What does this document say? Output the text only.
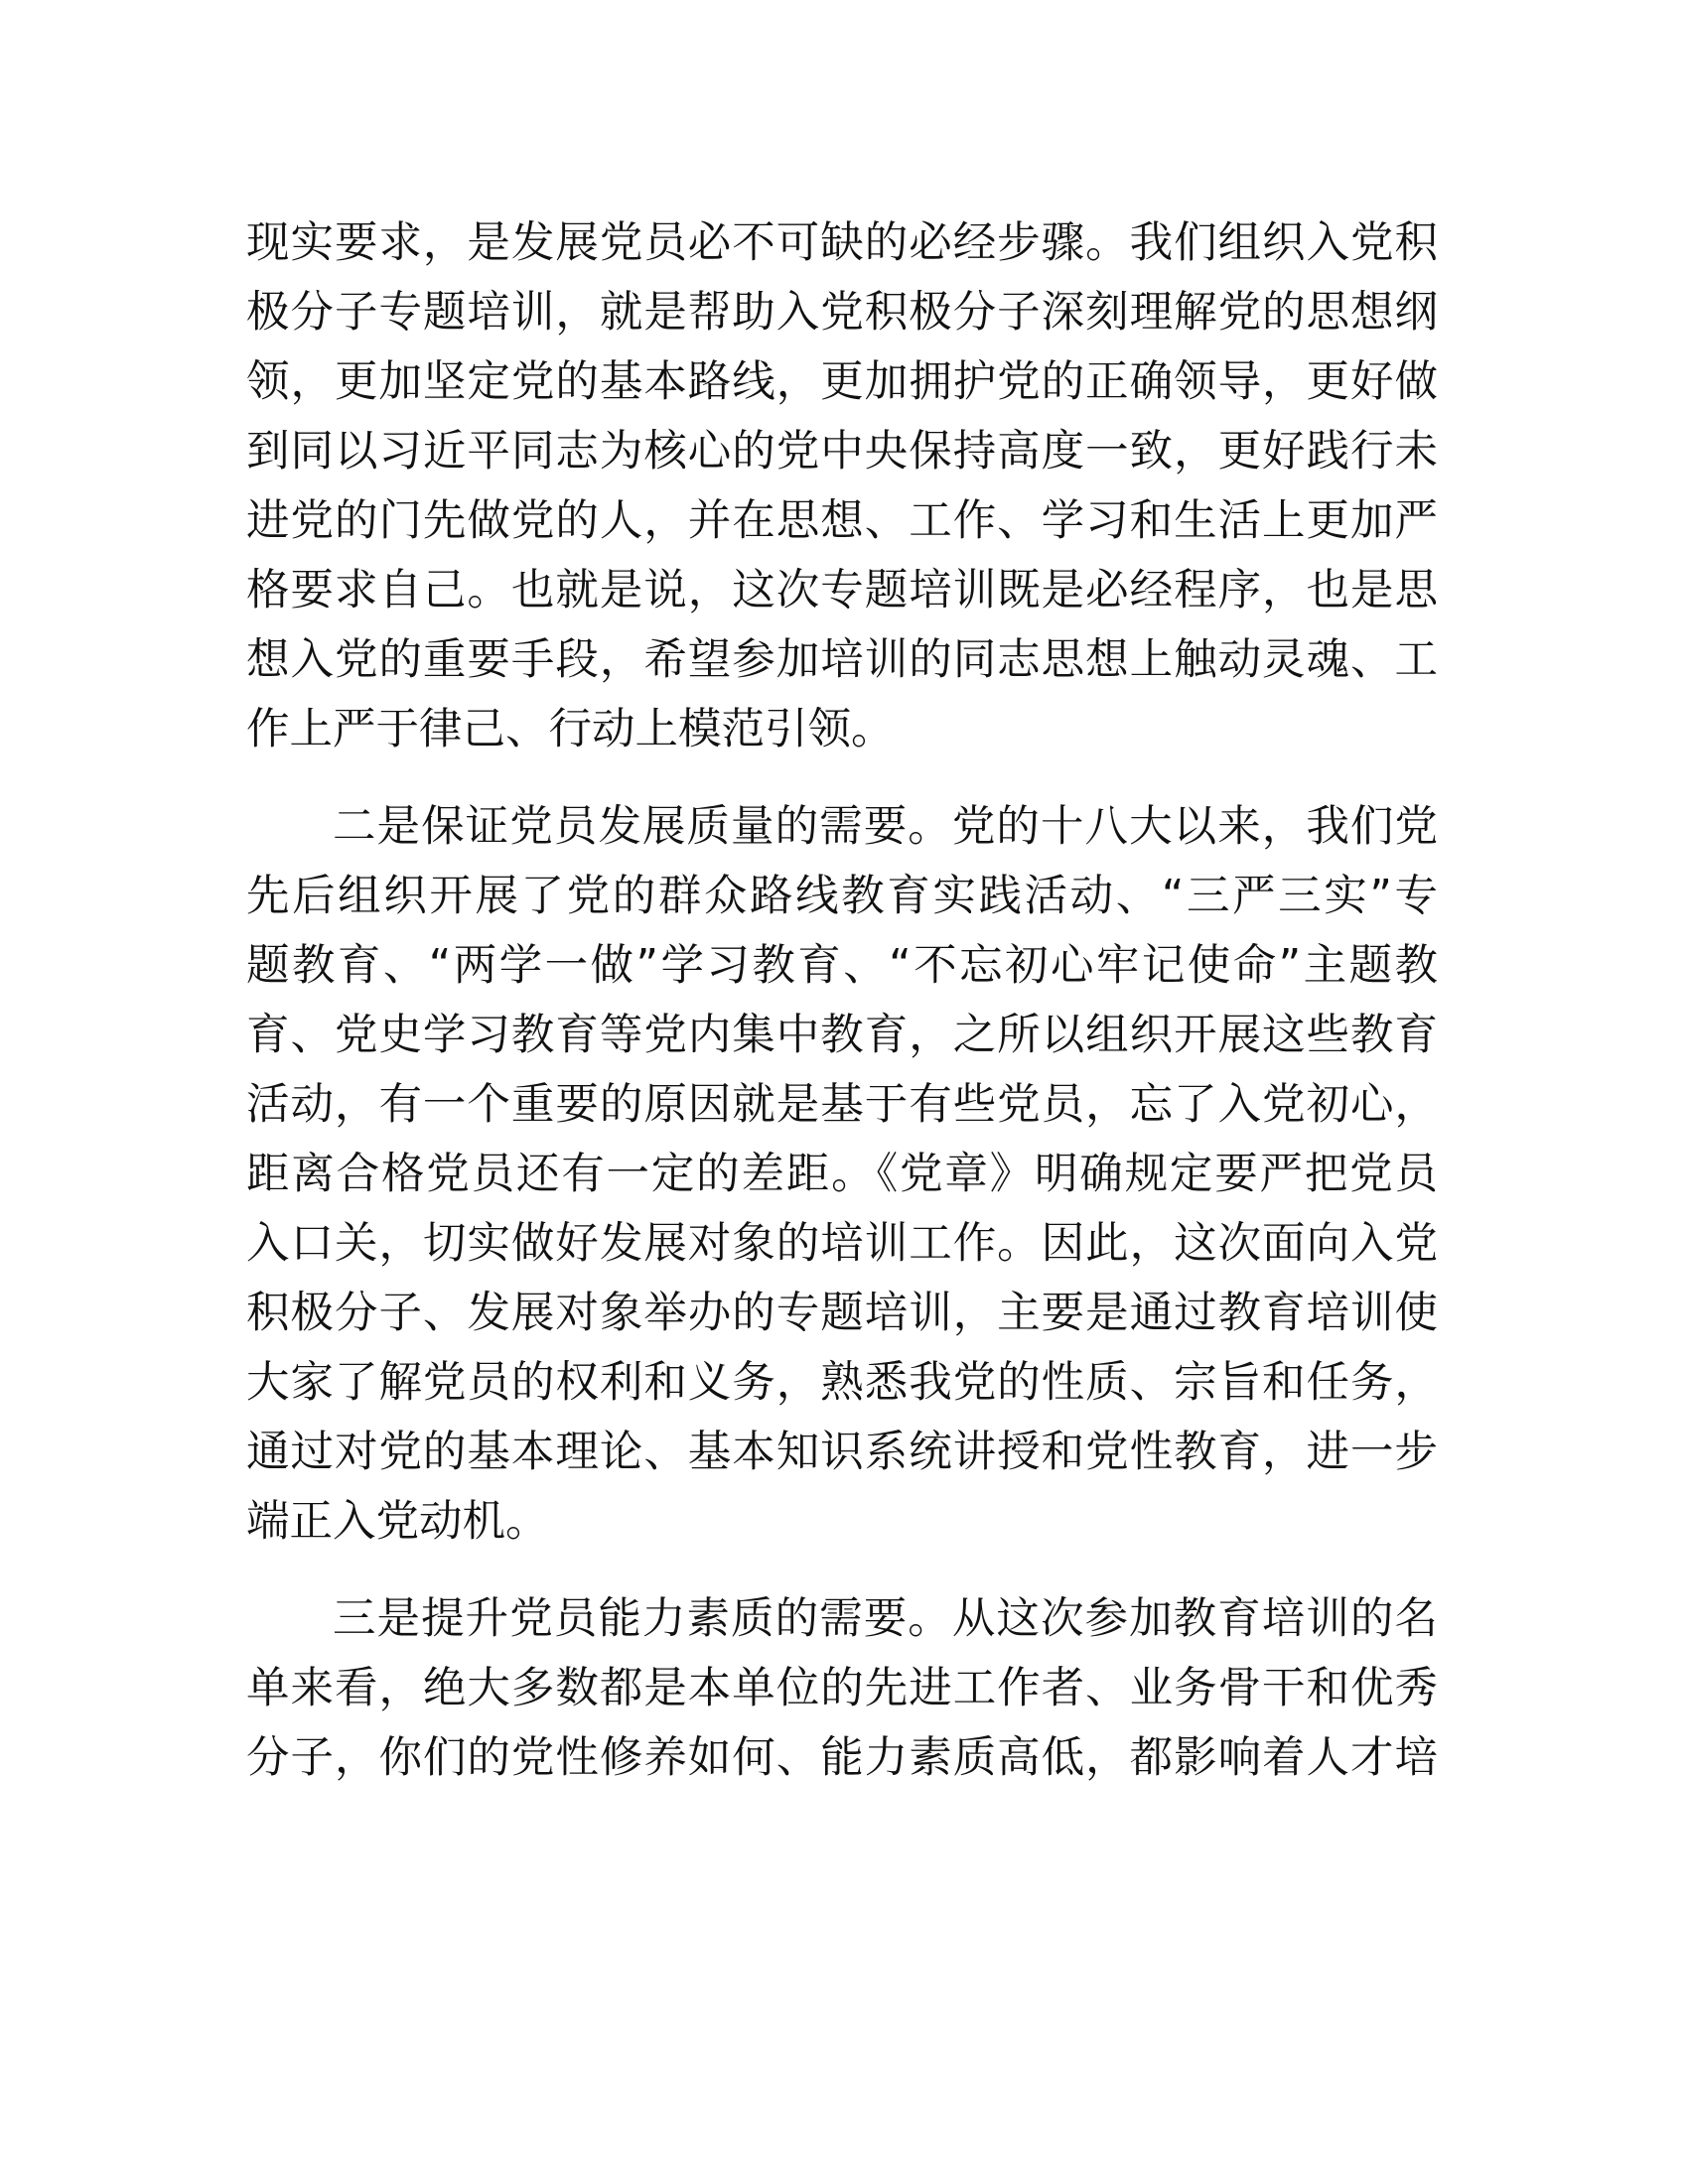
现实要求，是发展党员必不可缺的必经步骤。我们组织入党积
极分子专题培训，就是帮助入党积极分子深刻理解党的思想纲
领，更加坚定党的基本路线，更加拥护党的正确领导，更好做
到同以习近平同志为核心的党中央保持高度一致，更好践行未
进党的门先做党的人，并在思想、工作、学习和生活上更加严
格要求自己。也就是说，这次专题培训既是必经程序，也是思
想入党的重要手段，希望参加培训的同志思想上触动灵魂、工
作上严于律己、行动上模范引领。
二是保证党员发展质量的需要。党的十八大以来，我们党
先后组织开展了党的群众路线教育实践活动、“三严三实”专
题教育、“两学一做”学习教育、“不忘初心牢记使命”主题教
育、党史学习教育等党内集中教育，之所以组织开展这些教育
活动，有一个重要的原因就是基于有些党员，忘了入党初心，
距离合格党员还有一定的差距。《党章》明确规定要严把党员
入口关，切实做好发展对象的培训工作。因此，这次面向入党
积极分子、发展对象举办的专题培训，主要是通过教育培训使
大家了解党员的权利和义务，熟悉我党的性质、宗旨和任务，
通过对党的基本理论、基本知识系统讲授和党性教育，进一步
端正入党动机。
三是提升党员能力素质的需要。从这次参加教育培训的名
单来看，绝大多数都是本单位的先进工作者、业务骨干和优秀
分子，你们的党性修养如何、能力素质高低，都影响着人才培
